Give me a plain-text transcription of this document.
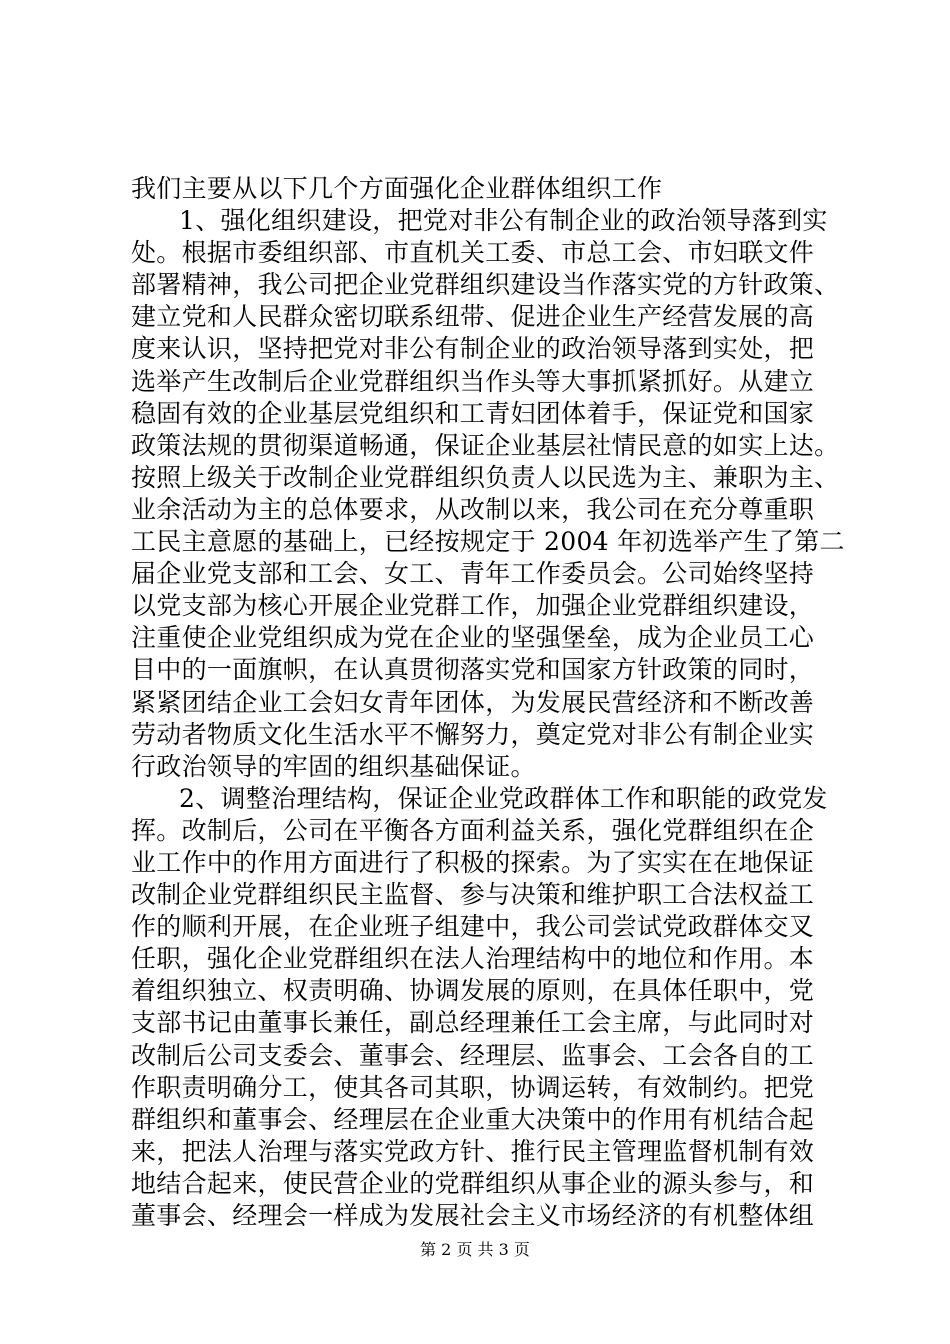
我们主要从以下几个方面强化企业群体组织工作
1、强化组织建设，把党对非公有制企业的政治领导落到实
处。根据市委组织部、市直机关工委、市总工会、市妇联文件
部署精神，我公司把企业党群组织建设当作落实党的方针政策、
建立党和人民群众密切联系纽带、促进企业生产经营发展的高
度来认识，坚持把党对非公有制企业的政治领导落到实处，把
选举产生改制后企业党群组织当作头等大事抓紧抓好。从建立
稳固有效的企业基层党组织和工青妇团体着手，保证党和国家
政策法规的贯彻渠道畅通，保证企业基层社情民意的如实上达。
按照上级关于改制企业党群组织负责人以民选为主、兼职为主、
业余活动为主的总体要求，从改制以来，我公司在充分尊重职
工民主意愿的基础上，已经按规定于 2004 年初选举产生了第二
届企业党支部和工会、女工、青年工作委员会。公司始终坚持
以党支部为核心开展企业党群工作，加强企业党群组织建设，
注重使企业党组织成为党在企业的坚强堡垒，成为企业员工心
目中的一面旗帜，在认真贯彻落实党和国家方针政策的同时，
紧紧团结企业工会妇女青年团体，为发展民营经济和不断改善
劳动者物质文化生活水平不懈努力，奠定党对非公有制企业实
行政治领导的牢固的组织基础保证。
2、调整治理结构，保证企业党政群体工作和职能的政党发
挥。改制后，公司在平衡各方面利益关系，强化党群组织在企
业工作中的作用方面进行了积极的探索。为了实实在在地保证
改制企业党群组织民主监督、参与决策和维护职工合法权益工
作的顺利开展，在企业班子组建中，我公司尝试党政群体交叉
任职，强化企业党群组织在法人治理结构中的地位和作用。本
着组织独立、权责明确、协调发展的原则，在具体任职中，党
支部书记由董事长兼任，副总经理兼任工会主席，与此同时对
改制后公司支委会、董事会、经理层、监事会、工会各自的工
作职责明确分工，使其各司其职，协调运转，有效制约。把党
群组织和董事会、经理层在企业重大决策中的作用有机结合起
来，把法人治理与落实党政方针、推行民主管理监督机制有效
地结合起来，使民营企业的党群组织从事企业的源头参与，和
董事会、经理会一样成为发展社会主义市场经济的有机整体组
第 2 页 共 3 页
